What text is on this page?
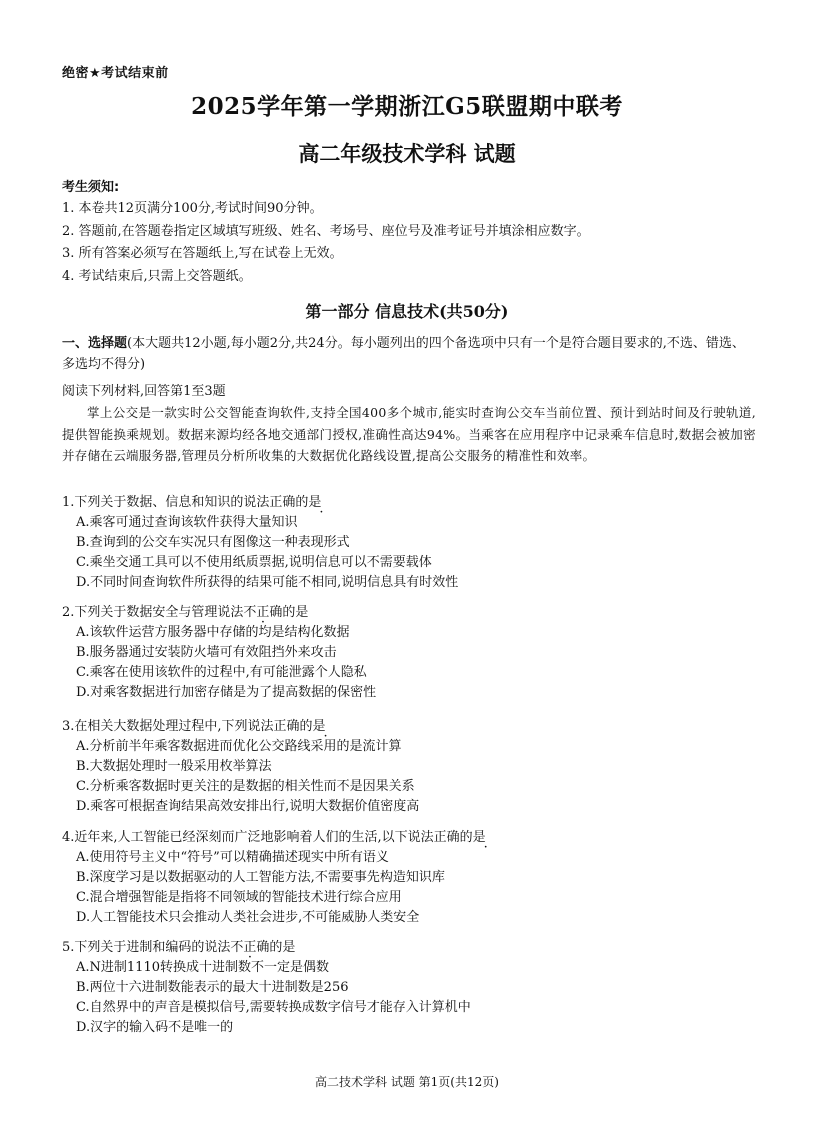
绝密★考试结束前
2025学年第一学期浙江G5联盟期中联考
高二年级技术学科 试题
考生须知:
1. 本卷共12页满分100分,考试时间90分钟。
2. 答题前,在答题卷指定区域填写班级、姓名、考场号、座位号及准考证号并填涂相应数字。
3. 所有答案必须写在答题纸上,写在试卷上无效。
4. 考试结束后,只需上交答题纸。
第一部分 信息技术(共50分)
一、选择题(本大题共12小题,每小题2分,共24分。每小题列出的四个备选项中只有一个是符合题目要求的,不选、错选、多选均不得分)
阅读下列材料,回答第1至3题
掌上公交是一款实时公交智能查询软件,支持全国400多个城市,能实时查询公交车当前位置、预计到站时间及行驶轨道,提供智能换乘规划。数据来源均经各地交通部门授权,准确性高达94%。当乘客在应用程序中记录乘车信息时,数据会被加密并存储在云端服务器,管理员分析所收集的大数据优化路线设置,提高公交服务的精准性和效率。
1.下列关于数据、信息和知识的说法正确的是
A.乘客可通过查询该软件获得大量知识
B.查询到的公交车实况只有图像这一种表现形式
C.乘坐交通工具可以不使用纸质票据,说明信息可以不需要载体
D.不同时间查询软件所获得的结果可能不相同,说明信息具有时效性
2.下列关于数据安全与管理说法不正确的是
A.该软件运营方服务器中存储的均是结构化数据
B.服务器通过安装防火墙可有效阻挡外来攻击
C.乘客在使用该软件的过程中,有可能泄露个人隐私
D.对乘客数据进行加密存储是为了提高数据的保密性
3.在相关大数据处理过程中,下列说法正确的是
A.分析前半年乘客数据进而优化公交路线采用的是流计算
B.大数据处理时一般采用枚举算法
C.分析乘客数据时更关注的是数据的相关性而不是因果关系
D.乘客可根据查询结果高效安排出行,说明大数据价值密度高
4.近年来,人工智能已经深刻而广泛地影响着人们的生活,以下说法正确的是
A.使用符号主义中“符号”可以精确描述现实中所有语义
B.深度学习是以数据驱动的人工智能方法,不需要事先构造知识库
C.混合增强智能是指将不同领域的智能技术进行综合应用
D.人工智能技术只会推动人类社会进步,不可能威胁人类安全
5.下列关于进制和编码的说法不正确的是
A.N进制1110转换成十进制数不一定是偶数
B.两位十六进制数能表示的最大十进制数是256
C.自然界中的声音是模拟信号,需要转换成数字信号才能存入计算机中
D.汉字的输入码不是唯一的
高二技术学科 试题 第1页(共12页)
